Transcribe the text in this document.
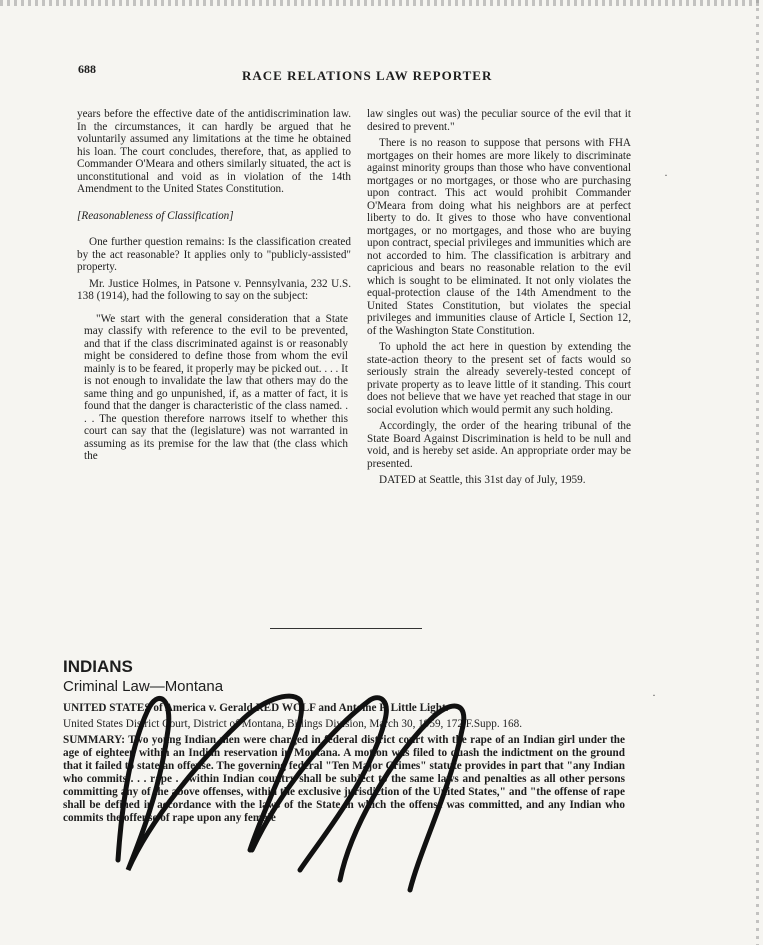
688	RACE RELATIONS LAW REPORTER

years before the effective date of the antidiscrimination law. In the circumstances, it can hardly be argued that he voluntarily assumed any limitations at the time he obtained his loan. The court concludes, therefore, that, as applied to Commander O'Meara and others similarly situated, the act is unconstitutional and void as in violation of the 14th Amendment to the United States Constitution.

[Reasonableness of Classification]

One further question remains: Is the classification created by the act reasonable? It applies only to "publicly-assisted" property.

Mr. Justice Holmes, in Patsone v. Pennsylvania, 232 U.S. 138 (1914), had the following to say on the subject:

"We start with the general consideration that a State may classify with reference to the evil to be prevented, and that if the class discriminated against is or reasonably might be considered to define those from whom the evil mainly is to be feared, it properly may be picked out. . . . It is not enough to invalidate the law that others may do the same thing and go unpunished, if, as a matter of fact, it is found that the danger is characteristic of the class named. . . . The question therefore narrows itself to whether this court can say that the (legislature) was not warranted in assuming as its premise for the law that (the class which the

law singles out was) the peculiar source of the evil that it desired to prevent."

There is no reason to suppose that persons with FHA mortgages on their homes are more likely to discriminate against minority groups than those who have conventional mortgages or no mortgages, or those who are purchasing upon contract. This act would prohibit Commander O'Meara from doing what his neighbors are at perfect liberty to do. It gives to those who have conventional mortgages, or no mortgages, and those who are buying upon contract, special privileges and immunities which are not accorded to him. The classification is arbitrary and capricious and bears no reasonable relation to the evil which is sought to be eliminated. It not only violates the equal-protection clause of the 14th Amendment to the United States Constitution, but violates the special privileges and immunities clause of Article I, Section 12, of the Washington State Constitution.

To uphold the act here in question by extending the state-action theory to the present set of facts would so seriously strain the already severely-tested concept of private property as to leave little of it standing. This court does not believe that we have yet reached that stage in our social evolution which would permit any such holding.

Accordingly, the order of the hearing tribunal of the State Board Against Discrimination is held to be null and void, and is hereby set aside. An appropriate order may be presented.

DATED at Seattle, this 31st day of July, 1959.

INDIANS
Criminal Law—Montana

UNITED STATES of America v. Gerald RED WOLF and Antoine P. Little Light.

United States District Court, District of Montana, Billings Division, March 30, 1959, 172 F.Supp. 168.

SUMMARY: Two young Indian men were charged in federal district court with the rape of an Indian girl under the age of eighteen within an Indian reservation in Montana. A motion was filed to quash the indictment on the ground that it failed to state an offense. The governing federal "Ten Major Crimes" statute provides in part that "any Indian who commits . . . rape . . within Indian country shall be subject to the same laws and penalties as all other persons committing any of the above offenses, within the exclusive jurisdiction of the United States," and "the offense of rape shall be defined in accordance with the laws of the State in which the offense was committed, and any Indian who commits the offense of rape upon any female

·
·
